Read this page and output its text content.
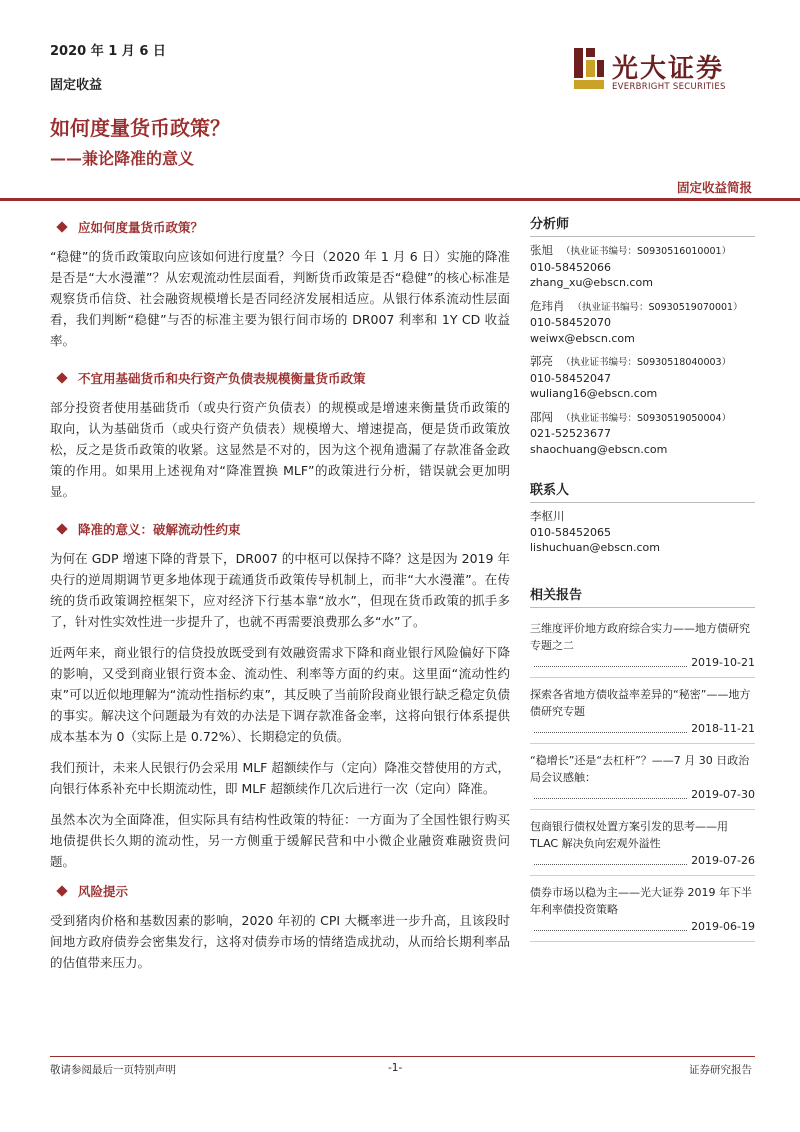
2020 年 1 月 6 日
固定收益
如何度量货币政策？
——兼论降准的意义
光大证券
EVERBRIGHT SECURITIES
固定收益简报
应如何度量货币政策？

“稳健”的货币政策取向应该如何进行度量？今日（2020 年 1 月 6 日）实施的降准是否是“大水漫灌”？从宏观流动性层面看，判断货币政策是否“稳健”的核心标准是观察货币信贷、社会融资规模增长是否同经济发展相适应。从银行体系流动性层面看，我们判断“稳健”与否的标准主要为银行间市场的 DR007 利率和 1Y CD 收益率。

不宜用基础货币和央行资产负债表规模衡量货币政策

部分投资者使用基础货币（或央行资产负债表）的规模或是增速来衡量货币政策的取向，认为基础货币（或央行资产负债表）规模增大、增速提高，便是货币政策放松，反之是货币政策的收紧。这显然是不对的，因为这个视角遗漏了存款准备金政策的作用。如果用上述视角对“降准置换 MLF”的政策进行分析，错误就会更加明显。

降准的意义：破解流动性约束

为何在 GDP 增速下降的背景下，DR007 的中枢可以保持不降？这是因为 2019 年央行的逆周期调节更多地体现于疏通货币政策传导机制上，而非“大水漫灌”。在传统的货币政策调控框架下，应对经济下行基本靠“放水”，但现在货币政策的抓手多了，针对性实效性进一步提升了，也就不再需要浪费那么多“水”了。

近两年来，商业银行的信贷投放既受到有效融资需求下降和商业银行风险偏好下降的影响，又受到商业银行资本金、流动性、利率等方面的约束。这里面“流动性约束”可以近似地理解为“流动性指标约束”，其反映了当前阶段商业银行缺乏稳定负债的事实。解决这个问题最为有效的办法是下调存款准备金率，这将向银行体系提供成本基本为 0（实际上是 0.72%）、长期稳定的负债。

我们预计，未来人民银行仍会采用 MLF 超额续作与（定向）降准交替使用的方式，向银行体系补充中长期流动性，即 MLF 超额续作几次后进行一次（定向）降准。

虽然本次为全面降准，但实际具有结构性政策的特征：一方面为了全国性银行购买地债提供长久期的流动性，另一方侧重于缓解民营和中小微企业融资难融资贵问题。

风险提示

受到猪肉价格和基数因素的影响，2020 年初的 CPI 大概率进一步升高，且该段时间地方政府债券会密集发行，这将对债券市场的情绪造成扰动，从而给长期利率品的估值带来压力。

分析师
张旭 （执业证书编号：S0930516010001）
010-58452066
zhang_xu@ebscn.com
危玮肖 （执业证书编号：S0930519070001）
010-58452070
weiwx@ebscn.com
郭亮 （执业证书编号：S0930518040003）
010-58452047
wuliang16@ebscn.com
邵闯 （执业证书编号：S0930519050004）
021-52523677
shaochuang@ebscn.com
联系人
李枢川
010-58452065
lishuchuan@ebscn.com
相关报告
三维度评价地方政府综合实力——地方债研究专题之二
2019-10-21
探索各省地方债收益率差异的“秘密”——地方债研究专题
2018-11-21
“稳增长”还是“去杠杆”？——7 月 30 日政治局会议感触：
2019-07-30
包商银行债权处置方案引发的思考——用 TLAC 解决负向宏观外溢性
2019-07-26
债券市场以稳为主——光大证券 2019 年下半年利率债投资策略
2019-06-19
敬请参阅最后一页特别声明	-1-	证券研究报告
